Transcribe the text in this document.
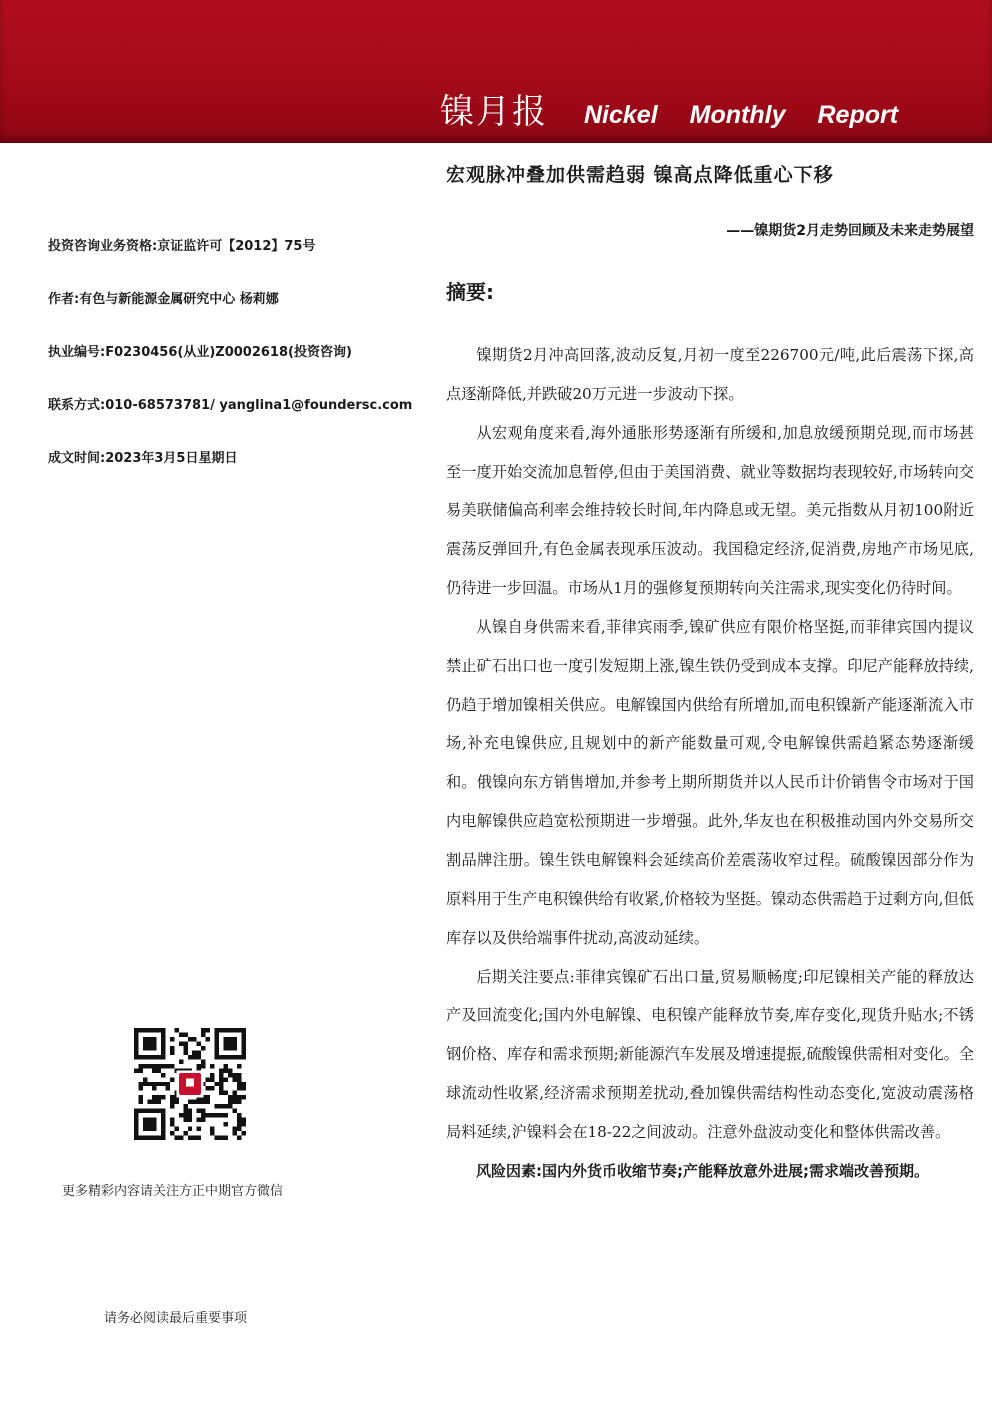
镍月报 Nickel Monthly Report
投资咨询业务资格:京证监许可【2012】75号
作者:有色与新能源金属研究中心 杨莉娜
执业编号:F0230456(从业)Z0002618(投资咨询)
联系方式:010-68573781/ yanglina1@foundersc.com
成文时间:2023年3月5日星期日
更多精彩内容请关注方正中期官方微信
请务必阅读最后重要事项
宏观脉冲叠加供需趋弱 镍高点降低重心下移
——镍期货2月走势回顾及未来走势展望
摘要:

镍期货2月冲高回落,波动反复,月初一度至226700元/吨,此后震荡下探,高点逐渐降低,并跌破20万元进一步波动下探。

从宏观角度来看,海外通胀形势逐渐有所缓和,加息放缓预期兑现,而市场甚至一度开始交流加息暂停,但由于美国消费、就业等数据均表现较好,市场转向交易美联储偏高利率会维持较长时间,年内降息或无望。美元指数从月初100附近震荡反弹回升,有色金属表现承压波动。我国稳定经济,促消费,房地产市场见底,仍待进一步回温。市场从1月的强修复预期转向关注需求,现实变化仍待时间。

从镍自身供需来看,菲律宾雨季,镍矿供应有限价格坚挺,而菲律宾国内提议禁止矿石出口也一度引发短期上涨,镍生铁仍受到成本支撑。印尼产能释放持续,仍趋于增加镍相关供应。电解镍国内供给有所增加,而电积镍新产能逐渐流入市场,补充电镍供应,且规划中的新产能数量可观,令电解镍供需趋紧态势逐渐缓和。俄镍向东方销售增加,并参考上期所期货并以人民币计价销售令市场对于国内电解镍供应趋宽松预期进一步增强。此外,华友也在积极推动国内外交易所交割品牌注册。镍生铁电解镍料会延续高价差震荡收窄过程。硫酸镍因部分作为原料用于生产电积镍供给有收紧,价格较为坚挺。镍动态供需趋于过剩方向,但低库存以及供给端事件扰动,高波动延续。

后期关注要点:菲律宾镍矿石出口量,贸易顺畅度;印尼镍相关产能的释放达产及回流变化;国内外电解镍、电积镍产能释放节奏,库存变化,现货升贴水;不锈钢价格、库存和需求预期;新能源汽车发展及增速提振,硫酸镍供需相对变化。全球流动性收紧,经济需求预期差扰动,叠加镍供需结构性动态变化,宽波动震荡格局料延续,沪镍料会在18-22之间波动。注意外盘波动变化和整体供需改善。

风险因素:国内外货币收缩节奏;产能释放意外进展;需求端改善预期。
